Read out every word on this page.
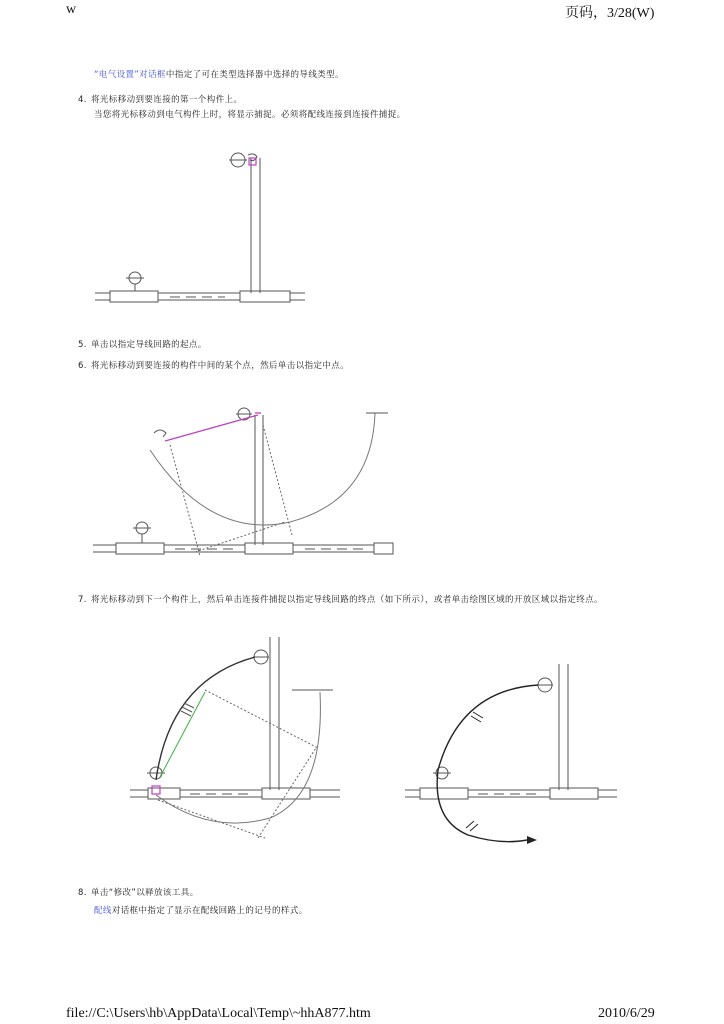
w	页码，3/28(W)
file://C:\Users\hb\AppData\Local\Temp\~hhA877.htm	2010/6/29
“电气设置”对话框中指定了可在类型选择器中选择的导线类型。
4. 将光标移动到要连接的第一个构件上。
当您将光标移动到电气构件上时，将显示捕捉。必须将配线连接到连接件捕捉。
5. 单击以指定导线回路的起点。
6. 将光标移动到要连接的构件中间的某个点，然后单击以指定中点。
7. 将光标移动到下一个构件上，然后单击连接件捕捉以指定导线回路的终点（如下所示），或者单击绘图区域的开放区域以指定终点。
8. 单击“修改”以释放该工具。
配线对话框中指定了显示在配线回路上的记号的样式。
